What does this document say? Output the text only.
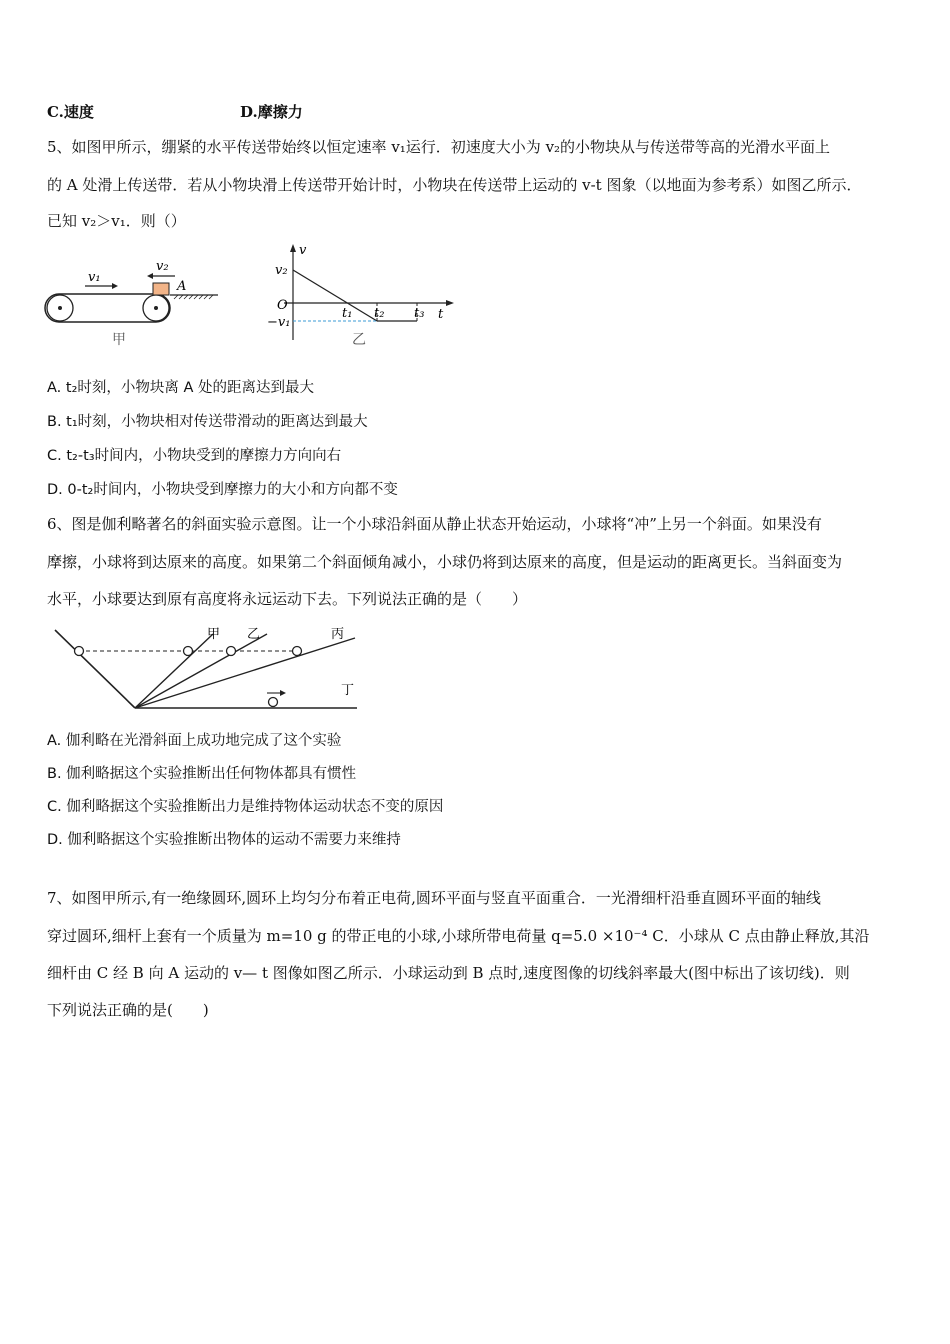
C.速度	D.摩擦力
5、如图甲所示，绷紧的水平传送带始终以恒定速率 v₁运行．初速度大小为 v₂的小物块从与传送带等高的光滑水平面上
的 A 处滑上传送带．若从小物块滑上传送带开始计时，小物块在传送带上运动的 v-t 图象（以地面为参考系）如图乙所示．
已知 v₂＞v₁．则（）
v₁
v₂
A
甲
v
v₂
O
−v₁
t₁ t₂ t₃ t
乙
A. t₂时刻，小物块离 A 处的距离达到最大
B. t₁时刻，小物块相对传送带滑动的距离达到最大
C. t₂-t₃时间内，小物块受到的摩擦力方向向右
D. 0-t₂时间内，小物块受到摩擦力的大小和方向都不变
6、图是伽利略著名的斜面实验示意图。让一个小球沿斜面从静止状态开始运动，小球将“冲”上另一个斜面。如果没有
摩擦，小球将到达原来的高度。如果第二个斜面倾角减小，小球仍将到达原来的高度，但是运动的距离更长。当斜面变为
水平，小球要达到原有高度将永远运动下去。下列说法正确的是（　　）
甲 乙	丙
丁
A. 伽利略在光滑斜面上成功地完成了这个实验
B. 伽利略据这个实验推断出任何物体都具有惯性
C. 伽利略据这个实验推断出力是维持物体运动状态不变的原因
D. 伽利略据这个实验推断出物体的运动不需要力来维持
7、如图甲所示,有一绝缘圆环,圆环上均匀分布着正电荷,圆环平面与竖直平面重合．一光滑细杆沿垂直圆环平面的轴线
穿过圆环,细杆上套有一个质量为 m=10 g 的带正电的小球,小球所带电荷量 q=5.0 ×10⁻⁴ C．小球从 C 点由静止释放,其沿
细杆由 C 经 B 向 A 运动的 v— t 图像如图乙所示．小球运动到 B 点时,速度图像的切线斜率最大(图中标出了该切线)．则
下列说法正确的是(　　)
